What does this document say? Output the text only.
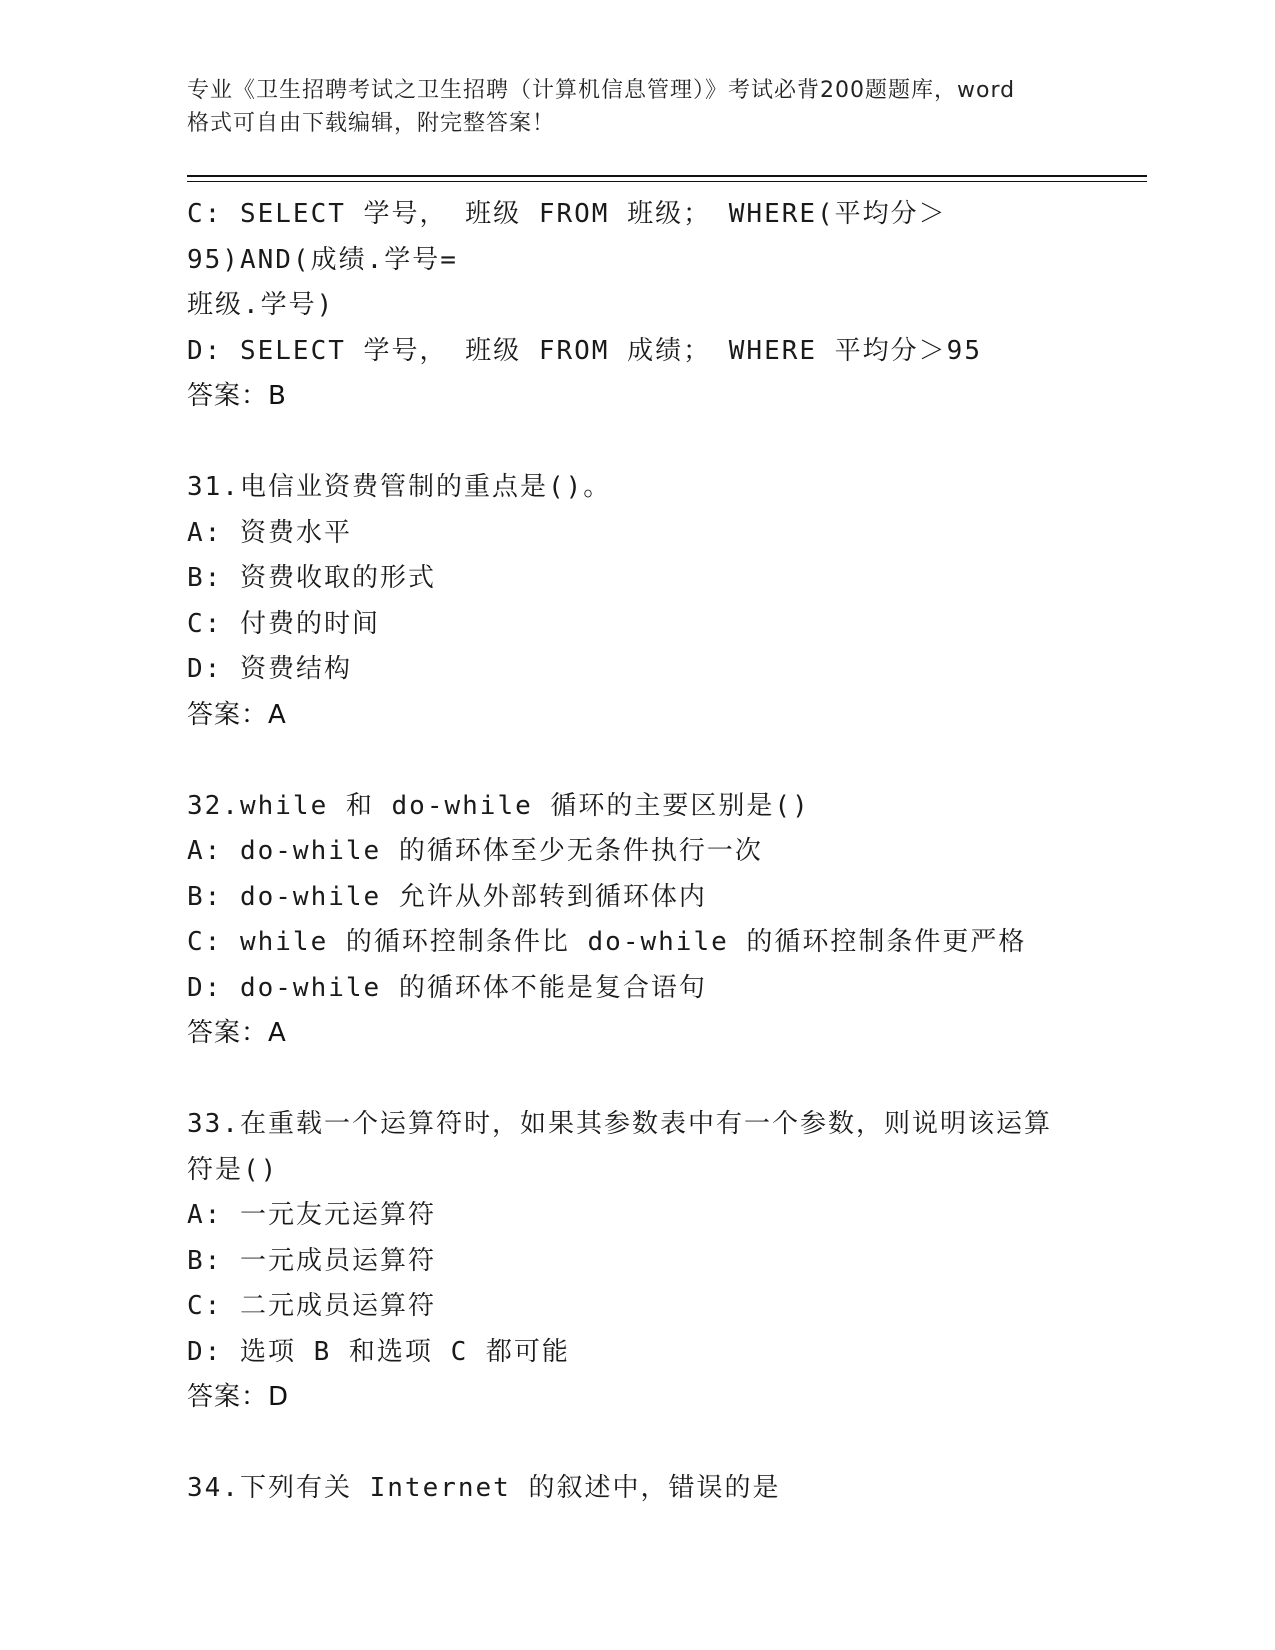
专业《卫生招聘考试之卫生招聘（计算机信息管理）》考试必背200题题库，word
格式可自由下载编辑，附完整答案！
C: SELECT 学号， 班级 FROM 班级； WHERE(平均分＞95)AND(成绩.学号=
班级.学号)
D: SELECT 学号， 班级 FROM 成绩； WHERE 平均分＞95
答案：B
31.电信业资费管制的重点是()。
A: 资费水平
B: 资费收取的形式
C: 付费的时间
D: 资费结构
答案：A
32.while 和 do-while 循环的主要区别是()
A: do-while 的循环体至少无条件执行一次
B: do-while 允许从外部转到循环体内
C: while 的循环控制条件比 do-while 的循环控制条件更严格
D: do-while 的循环体不能是复合语句
答案：A
33.在重载一个运算符时，如果其参数表中有一个参数，则说明该运算
符是()
A: 一元友元运算符
B: 一元成员运算符
C: 二元成员运算符
D: 选项 B 和选项 C 都可能
答案：D
34.下列有关 Internet 的叙述中，错误的是
